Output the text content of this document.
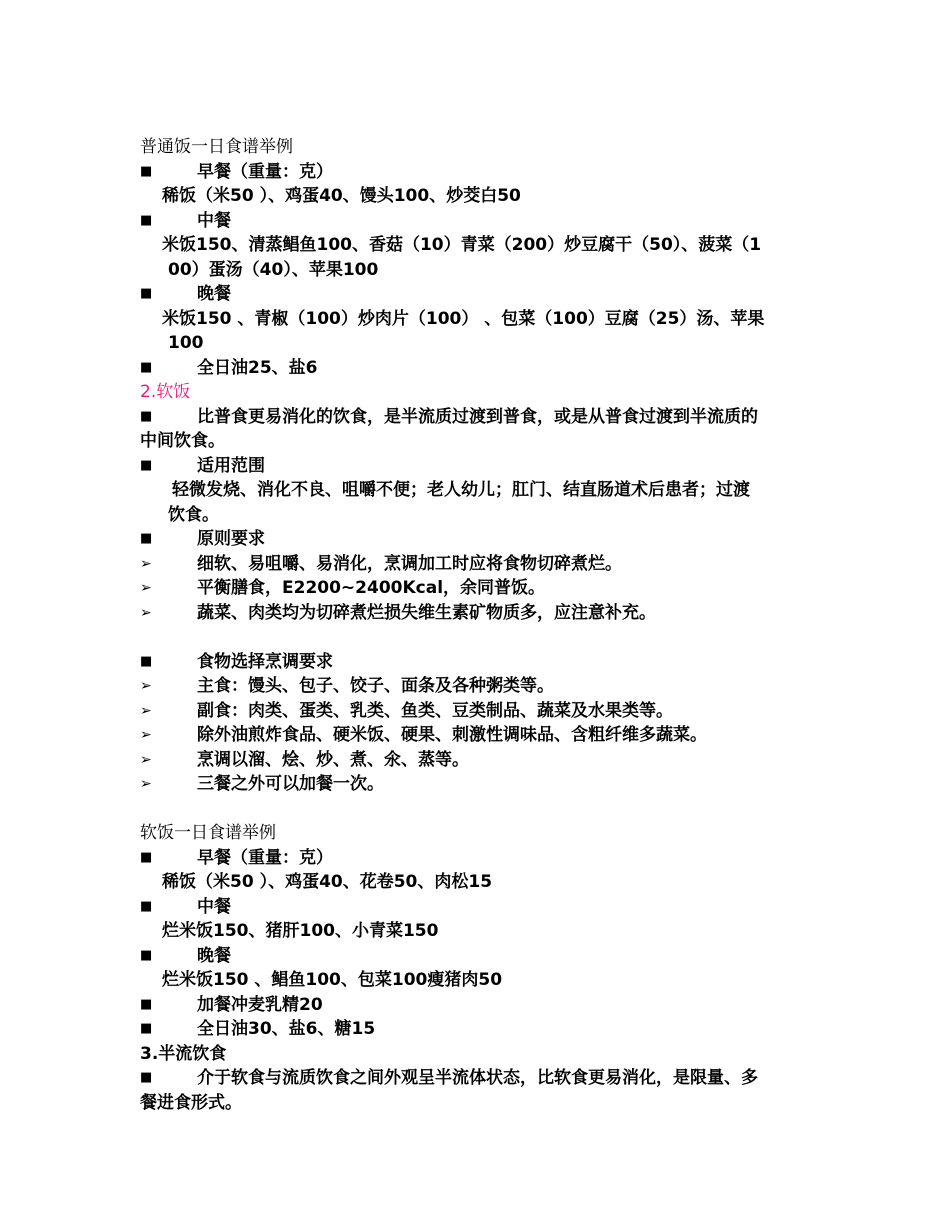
普通饭一日食谱举例
■	早餐（重量：克）
稀饭（米50 ）、鸡蛋40、馒头100、炒茭白50
■	中餐
米饭150、清蒸鲳鱼100、香菇（10）青菜（200）炒豆腐干（50）、菠菜（1
00）蛋汤（40）、苹果100
■	晚餐
米饭150 、青椒（100）炒肉片（100） 、包菜（100）豆腐（25）汤、苹果
100
■	全日油25、盐6
2.软饭
■	比普食更易消化的饮食，是半流质过渡到普食，或是从普食过渡到半流质的
中间饮食。
■	适用范围
轻微发烧、消化不良、咀嚼不便；老人幼儿；肛门、结直肠道术后患者；过渡
饮食。
■	原则要求
➢	细软、易咀嚼、易消化，烹调加工时应将食物切碎煮烂。
➢	平衡膳食，E2200~2400Kcal，余同普饭。
➢	蔬菜、肉类均为切碎煮烂损失维生素矿物质多，应注意补充。
■	食物选择烹调要求
➢	主食：馒头、包子、饺子、面条及各种粥类等。
➢	副食：肉类、蛋类、乳类、鱼类、豆类制品、蔬菜及水果类等。
➢	除外油煎炸食品、硬米饭、硬果、刺激性调味品、含粗纤维多蔬菜。
➢	烹调以溜、烩、炒、煮、氽、蒸等。
➢	三餐之外可以加餐一次。
软饭一日食谱举例
■	早餐（重量：克）
稀饭（米50 ）、鸡蛋40、花卷50、肉松15
■	中餐
烂米饭150、猪肝100、小青菜150
■	晚餐
烂米饭150 、鲳鱼100、包菜100瘦猪肉50
■	加餐冲麦乳精20
■	全日油30、盐6、糖15
3.半流饮食
■	介于软食与流质饮食之间外观呈半流体状态，比软食更易消化，是限量、多
餐进食形式。
